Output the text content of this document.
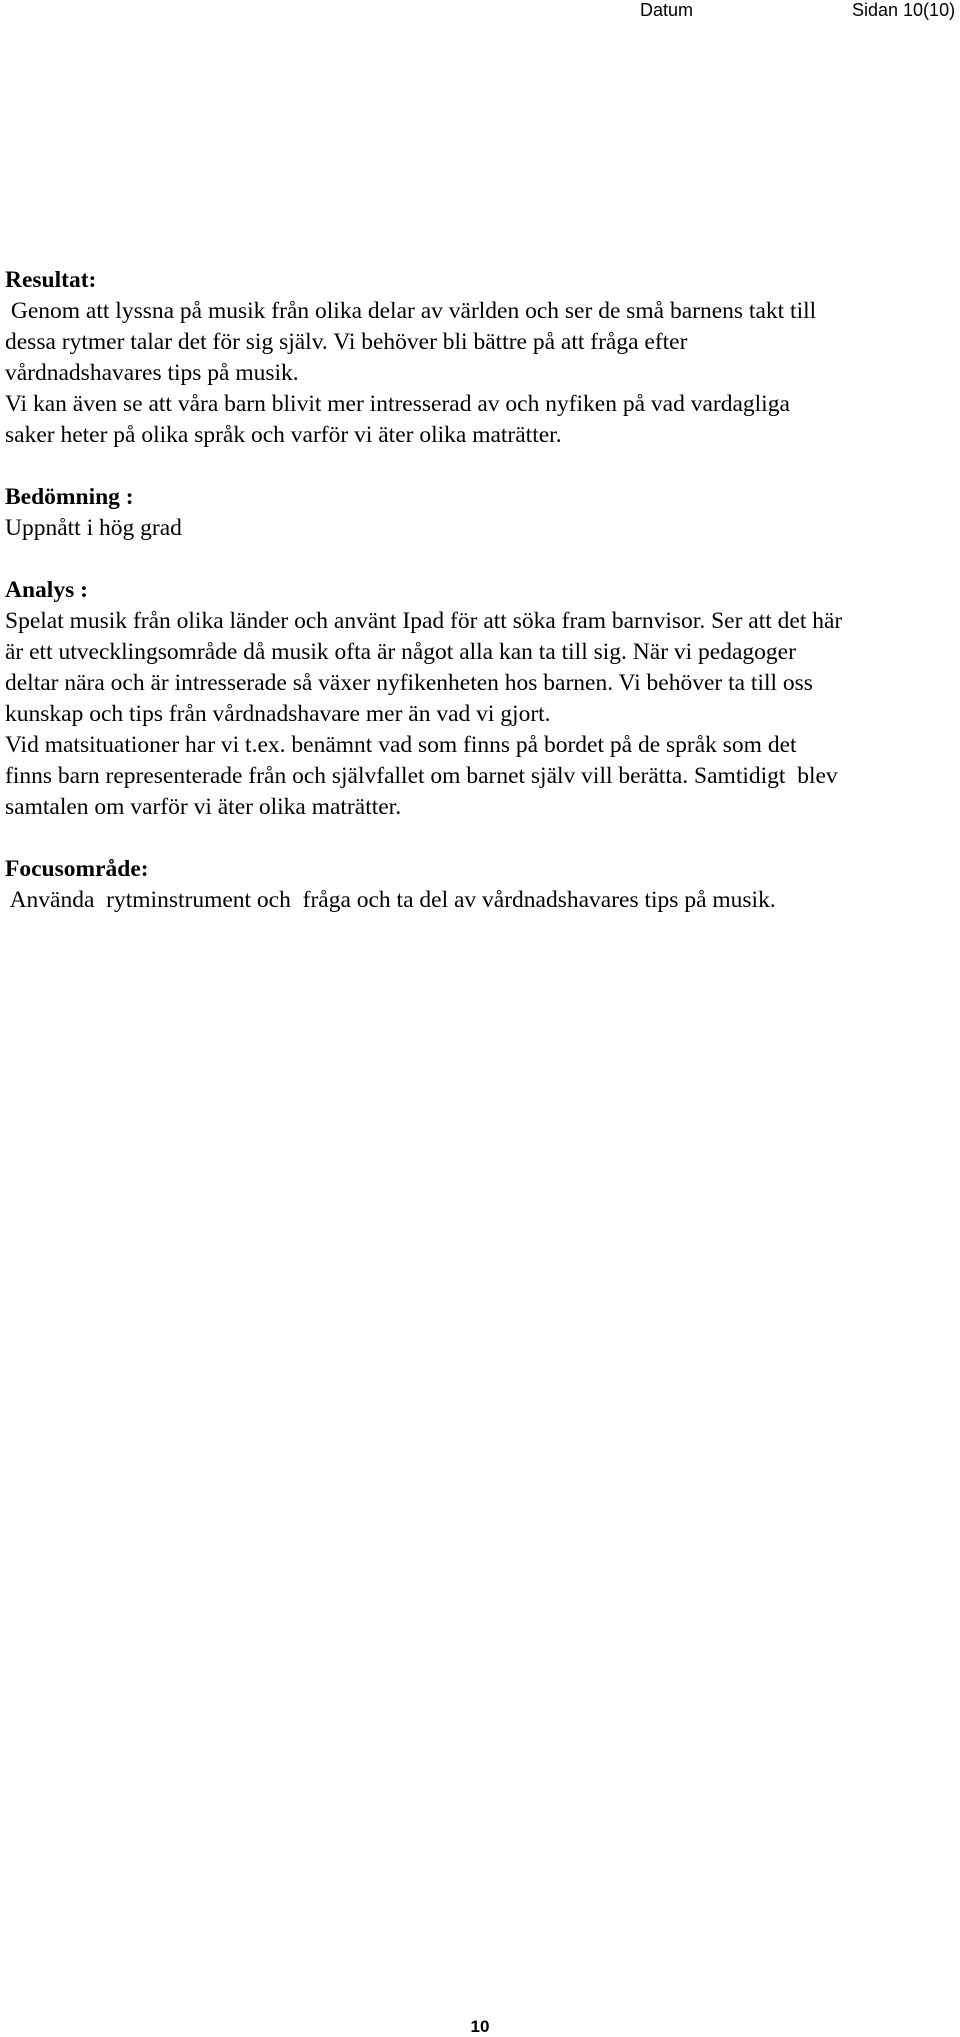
Datum	Sidan 10(10)
Resultat:
Genom att lyssna på musik från olika delar av världen och ser de små barnens takt till
dessa rytmer talar det för sig själv. Vi behöver bli bättre på att fråga efter
vårdnadshavares tips på musik.
Vi kan även se att våra barn blivit mer intresserad av och nyfiken på vad vardagliga
saker heter på olika språk och varför vi äter olika maträtter.
Bedömning :
Uppnått i hög grad
Analys :
Spelat musik från olika länder och använt Ipad för att söka fram barnvisor. Ser att det här
är ett utvecklingsområde då musik ofta är något alla kan ta till sig. När vi pedagoger
deltar nära och är intresserade så växer nyfikenheten hos barnen. Vi behöver ta till oss
kunskap och tips från vårdnadshavare mer än vad vi gjort.
Vid matsituationer har vi t.ex. benämnt vad som finns på bordet på de språk som det
finns barn representerade från och självfallet om barnet själv vill berätta. Samtidigt  blev
samtalen om varför vi äter olika maträtter.
Focusområde:
Använda  rytminstrument och  fråga och ta del av vårdnadshavares tips på musik.
10
